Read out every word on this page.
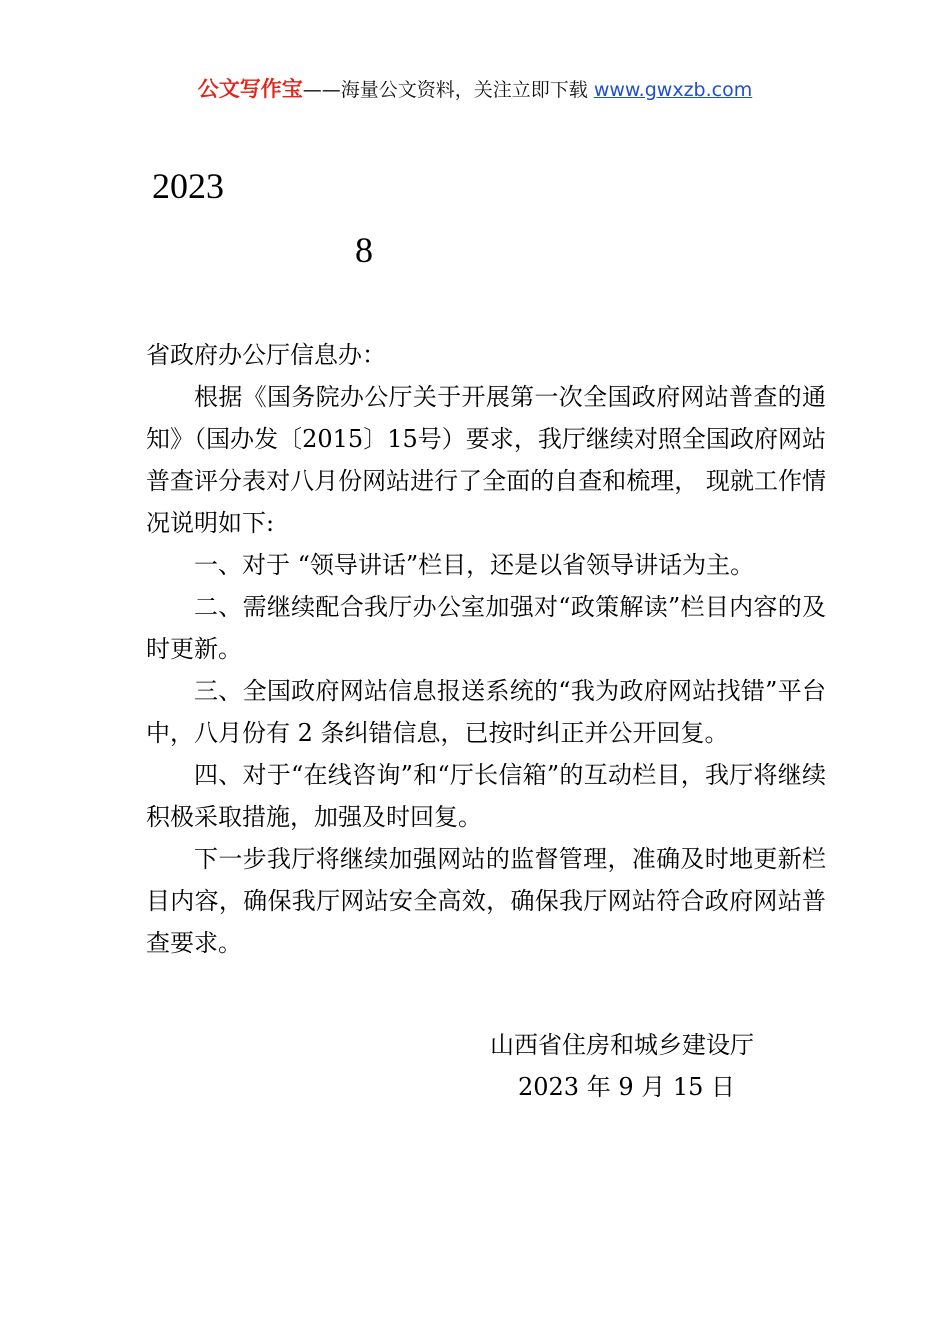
公文写作宝——海量公文资料，关注立即下载 www.gwxzb.com
2023
8

省政府办公厅信息办：

根据《国务院办公厅关于开展第一次全国政府网站普查的通知》（国办发〔2015〕15号）要求，我厅继续对照全国政府网站普查评分表对八月份网站进行了全面的自查和梳理， 现就工作情况说明如下:

一、对于 “领导讲话”栏目，还是以省领导讲话为主。

二、需继续配合我厅办公室加强对“政策解读”栏目内容的及时更新。

三、全国政府网站信息报送系统的“我为政府网站找错”平台中，八月份有 2 条纠错信息，已按时纠正并公开回复。

四、对于“在线咨询”和“厅长信箱”的互动栏目，我厅将继续积极采取措施，加强及时回复。

下一步我厅将继续加强网站的监督管理，准确及时地更新栏目内容，确保我厅网站安全高效，确保我厅网站符合政府网站普查要求。

山西省住房和城乡建设厅
2023 年 9 月 15 日
